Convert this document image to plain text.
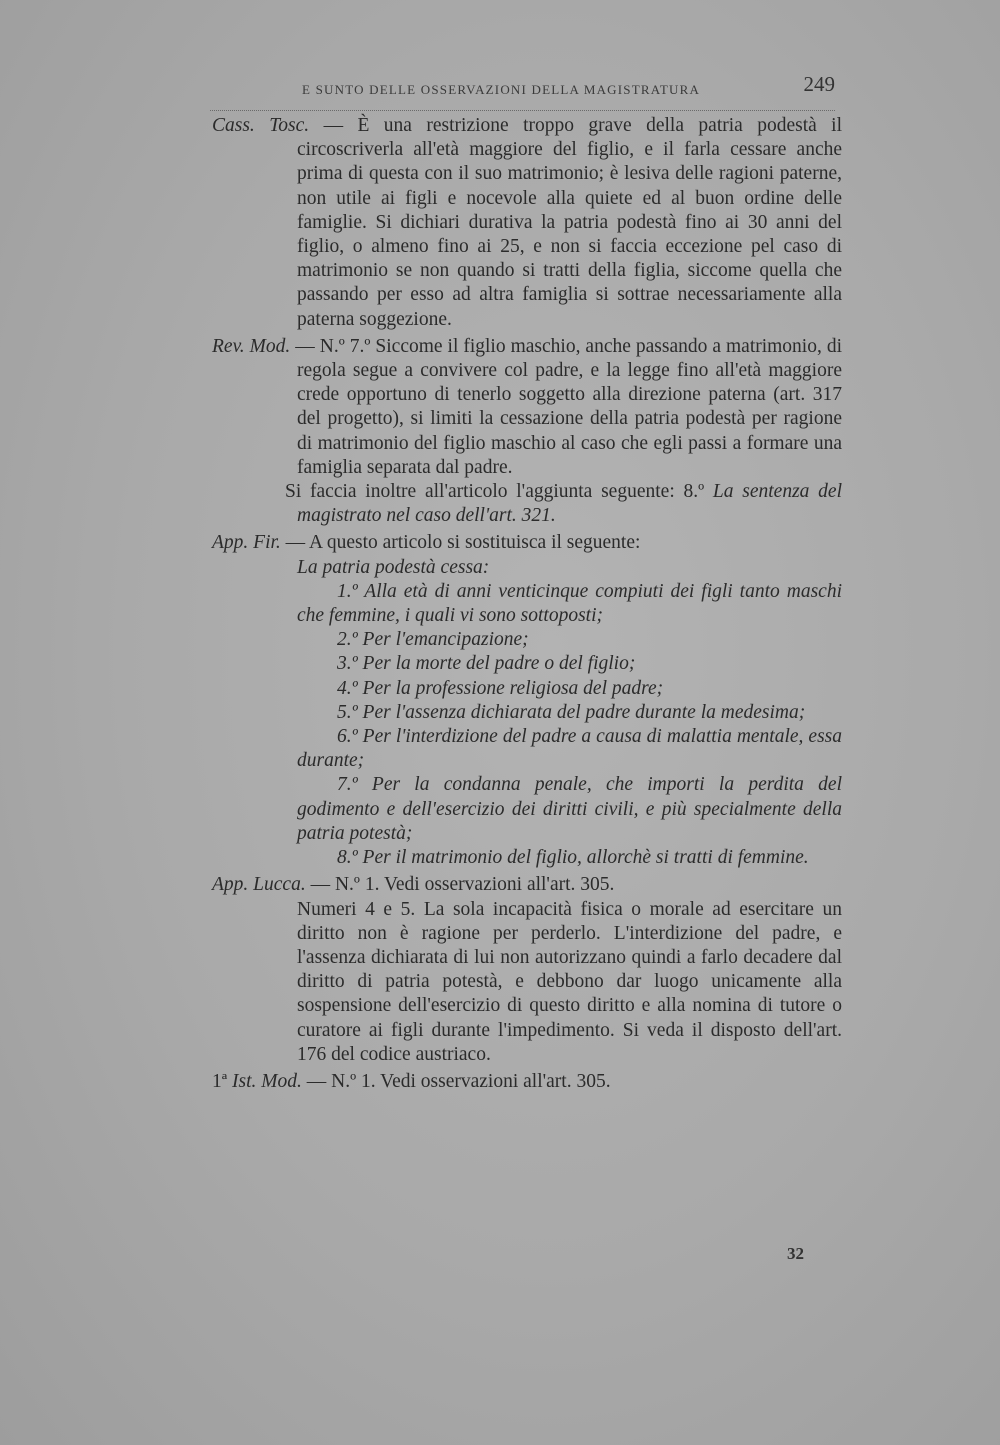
E SUNTO DELLE OSSERVAZIONI DELLA MAGISTRATURA	249

Cass. Tosc. — È una restrizione troppo grave della patria podestà il circoscriverla all'età maggiore del figlio, e il farla cessare anche prima di questa con il suo matrimonio; è lesiva delle ragioni paterne, non utile ai figli e nocevole alla quiete ed al buon ordine delle famiglie. Si dichiari durativa la patria podestà fino ai 30 anni del figlio, o almeno fino ai 25, e non si faccia eccezione pel caso di matrimonio se non quando si tratti della figlia, siccome quella che passando per esso ad altra famiglia si sottrae necessariamente alla paterna soggezione.

Rev. Mod. — N.º 7.º Siccome il figlio maschio, anche passando a matrimonio, di regola segue a convivere col padre, e la legge fino all'età maggiore crede opportuno di tenerlo soggetto alla direzione paterna (art. 317 del progetto), si limiti la cessazione della patria podestà per ragione di matrimonio del figlio maschio al caso che egli passi a formare una famiglia separata dal padre.

Si faccia inoltre all'articolo l'aggiunta seguente: 8.º La sentenza del magistrato nel caso dell'art. 321.

App. Fir. — A questo articolo si sostituisca il seguente:

La patria podestà cessa:

1.º Alla età di anni venticinque compiuti dei figli tanto maschi che femmine, i quali vi sono sottoposti;

2.º Per l'emancipazione;

3.º Per la morte del padre o del figlio;

4.º Per la professione religiosa del padre;

5.º Per l'assenza dichiarata del padre durante la medesima;

6.º Per l'interdizione del padre a causa di malattia mentale, essa durante;

7.º Per la condanna penale, che importi la perdita del godimento e dell'esercizio dei diritti civili, e più specialmente della patria potestà;

8.º Per il matrimonio del figlio, allorchè si tratti di femmine.

App. Lucca. — N.º 1. Vedi osservazioni all'art. 305.

Numeri 4 e 5. La sola incapacità fisica o morale ad esercitare un diritto non è ragione per perderlo. L'interdizione del padre, e l'assenza dichiarata di lui non autorizzano quindi a farlo decadere dal diritto di patria potestà, e debbono dar luogo unicamente alla sospensione dell'esercizio di questo diritto e alla nomina di tutore o curatore ai figli durante l'impedimento. Si veda il disposto dell'art. 176 del codice austriaco.

1ª Ist. Mod. — N.º 1. Vedi osservazioni all'art. 305.

32
